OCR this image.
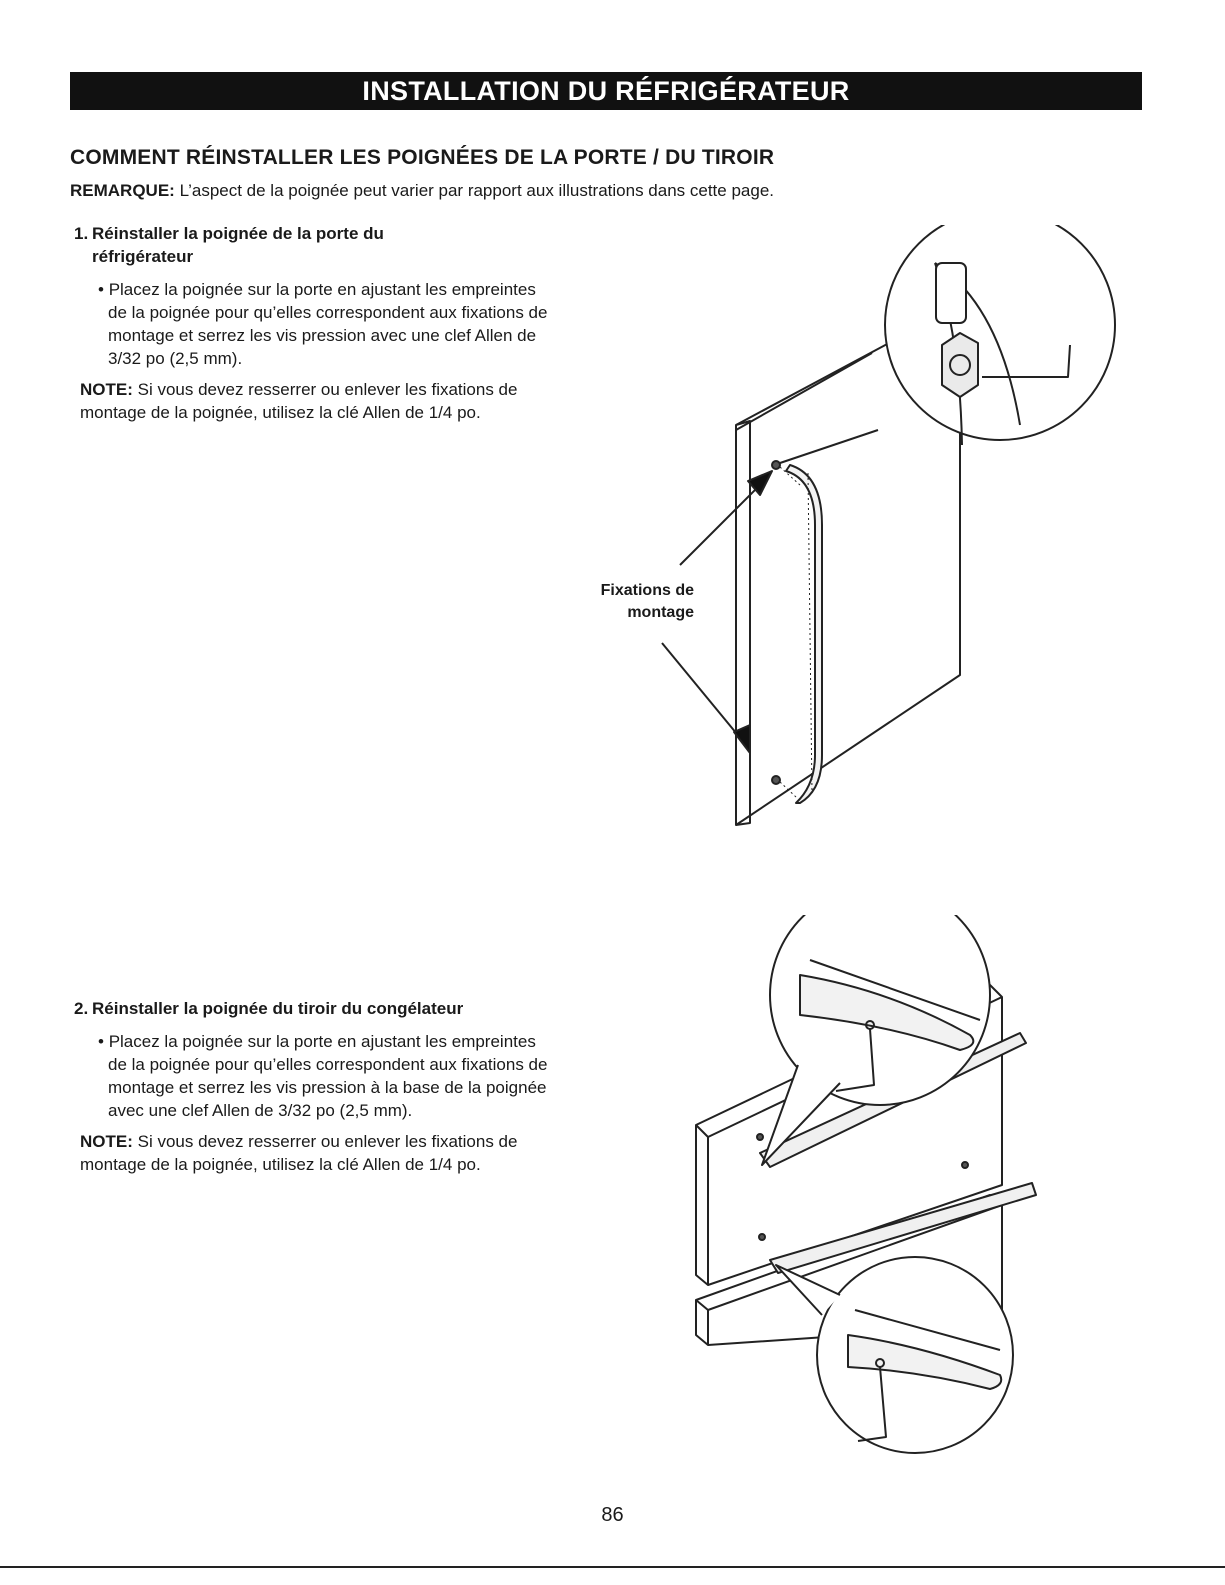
INSTALLATION DU RÉFRIGÉRATEUR
COMMENT RÉINSTALLER LES POIGNÉES DE LA PORTE / DU TIROIR
REMARQUE: L’aspect de la poignée peut varier par rapport aux illustrations dans cette page.

1. Réinstaller la poignée de la porte du
réfrigérateur

• Placez la poignée sur la porte en ajustant les empreintes de la poignée pour qu’elles correspondent aux fixations de montage et serrez les vis pression avec une clef Allen de 3/32 po (2,5 mm).

NOTE: Si vous devez resserrer ou enlever les fixations de montage de la poignée, utilisez la clé Allen de 1/4 po.

2. Réinstaller la poignée du tiroir du congélateur

• Placez la poignée sur la porte en ajustant les empreintes de la poignée pour qu’elles correspondent aux fixations de montage et serrez les vis pression à la base de la poignée avec une clef Allen de 3/32 po (2,5 mm).

NOTE: Si vous devez resserrer ou enlever les fixations de montage de la poignée, utilisez la clé Allen de 1/4 po.

Fixations de
montage
86
